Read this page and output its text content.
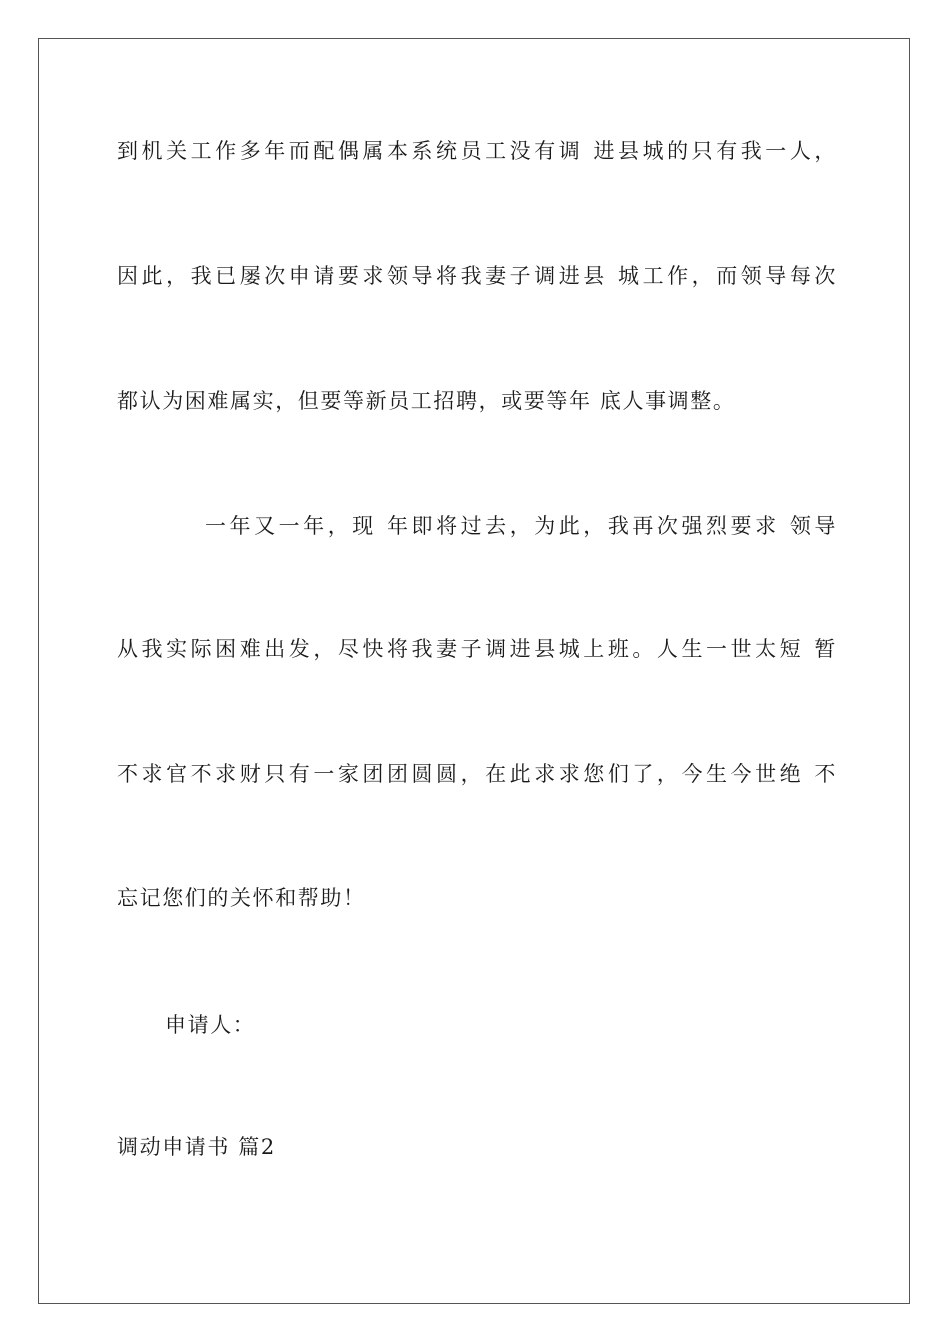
到机关工作多年而配偶属本系统员工没有调 进县城的只有我一人，
因此，我已屡次申请要求领导将我妻子调进县 城工作，而领导每次
都认为困难属实，但要等新员工招聘，或要等年 底人事调整。
一年又一年，现 年即将过去，为此，我再次强烈要求 领导
从我实际困难出发，尽快将我妻子调进县城上班。人生一世太短 暂
不求官不求财只有一家团团圆圆，在此求求您们了，今生今世绝 不
忘记您们的关怀和帮助！
申请人：
调动申请书 篇2
